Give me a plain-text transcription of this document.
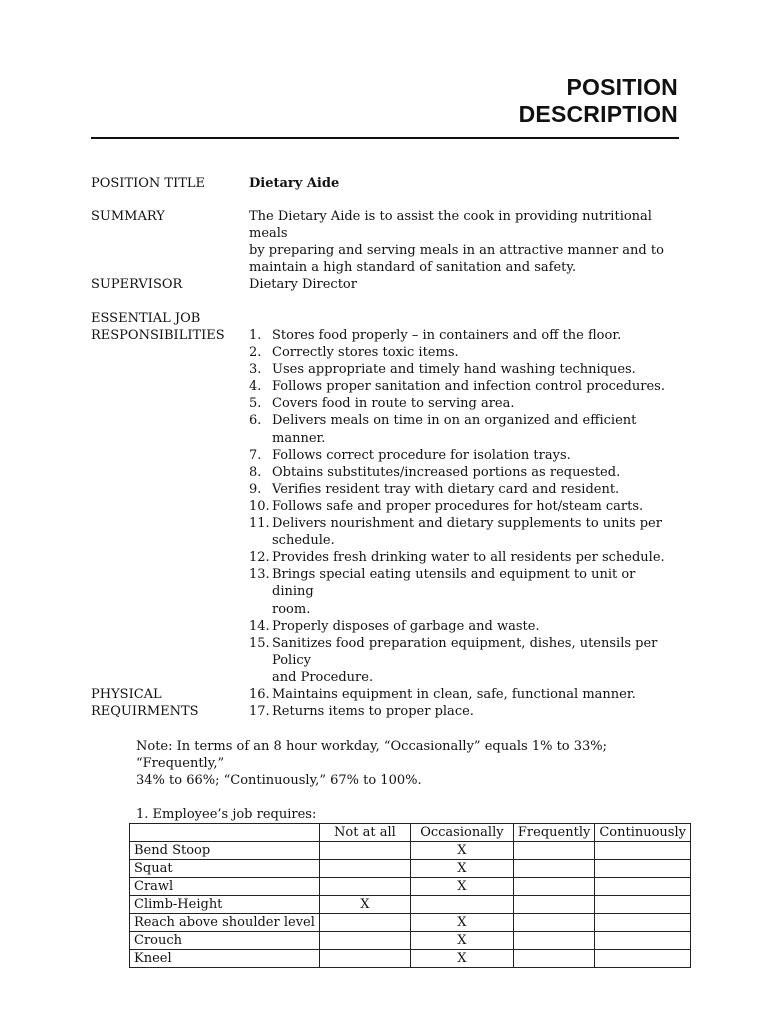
POSITION
DESCRIPTION
POSITION TITLE	Dietary Aide
SUMMARY	The Dietary Aide is to assist the cook in providing nutritional meals
by preparing and serving meals in an attractive manner and to
maintain a high standard of sanitation and safety.
SUPERVISOR	Dietary Director
ESSENTIAL JOB
RESPONSIBILITIES 1. Stores food properly – in containers and off the floor.
2. Correctly stores toxic items.
3. Uses appropriate and timely hand washing techniques.
4. Follows proper sanitation and infection control procedures.
5. Covers food in route to serving area.
6. Delivers meals on time in on an organized and efficient manner.
7. Follows correct procedure for isolation trays.
8. Obtains substitutes/increased portions as requested.
9. Verifies resident tray with dietary card and resident.
10. Follows safe and proper procedures for hot/steam carts.
11. Delivers nourishment and dietary supplements to units per
schedule.
12. Provides fresh drinking water to all residents per schedule.
13. Brings special eating utensils and equipment to unit or dining
room.
14. Properly disposes of garbage and waste.
15. Sanitizes food preparation equipment, dishes, utensils per Policy
and Procedure.
16. Maintains equipment in clean, safe, functional manner.
17. Returns items to proper place.
PHYSICAL
REQUIRMENTS
Note: In terms of an 8 hour workday, “Occasionally” equals 1% to 33%; “Frequently,”
34% to 66%; “Continuously,” 67% to 100%.
1. Employee’s job requires:
	Not at all	Occasionally	Frequently	Continuously
Bend Stoop		X		
Squat		X		
Crawl		X		
Climb-Height	X			
Reach above shoulder level		X		
Crouch		X		
Kneel		X		
